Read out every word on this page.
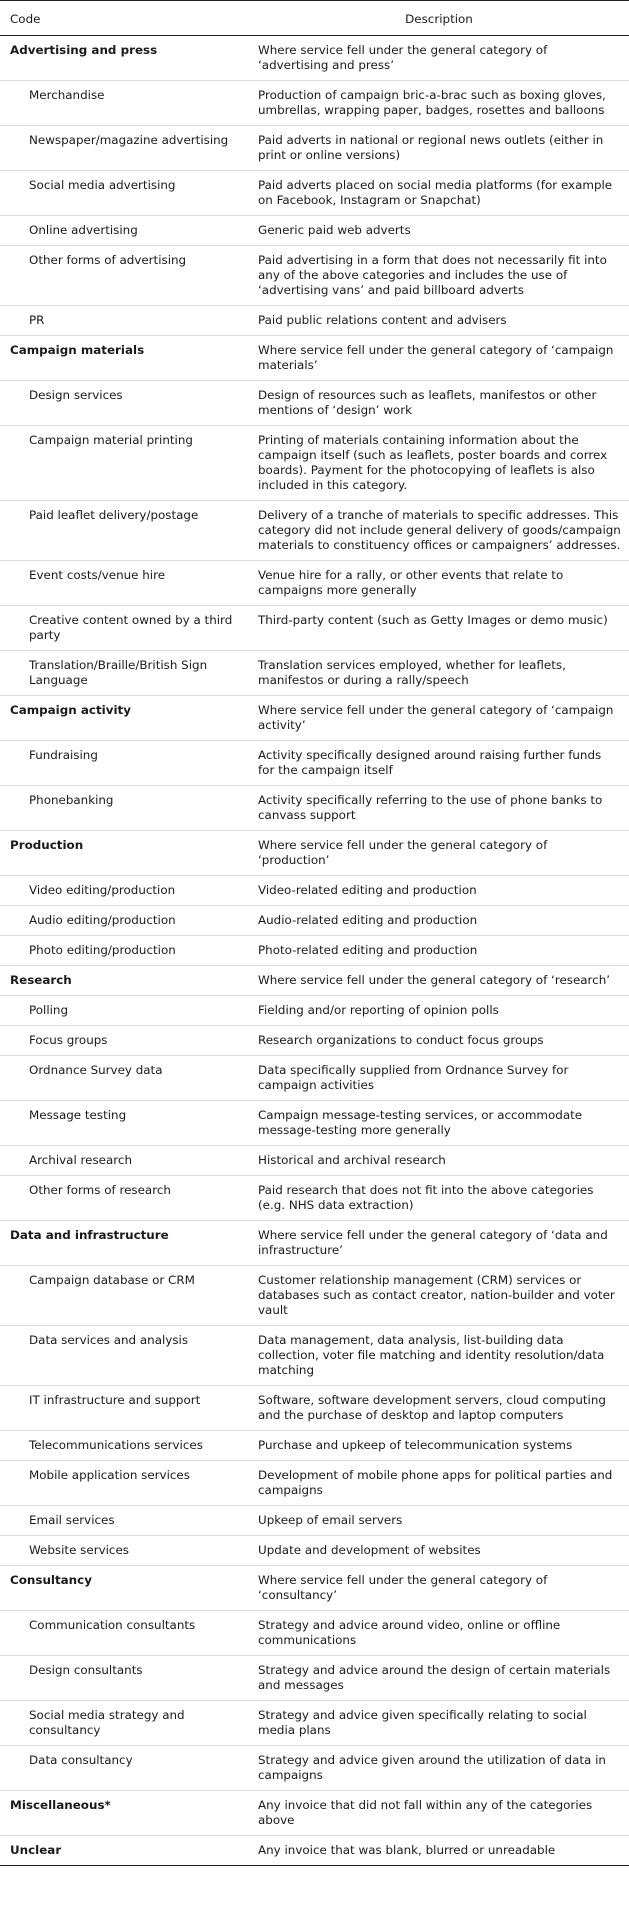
Code	Description
Advertising and press	Where service fell under the general category of ‘advertising and press’
Merchandise	Production of campaign bric-a-brac such as boxing gloves, umbrellas, wrapping paper, badges, rosettes and balloons
Newspaper/magazine advertising	Paid adverts in national or regional news outlets (either in print or online versions)
Social media advertising	Paid adverts placed on social media platforms (for example on Facebook, Instagram or Snapchat)
Online advertising	Generic paid web adverts
Other forms of advertising	Paid advertising in a form that does not necessarily fit into any of the above categories and includes the use of ‘advertising vans’ and paid billboard adverts
PR	Paid public relations content and advisers
Campaign materials	Where service fell under the general category of ‘campaign materials’
Design services	Design of resources such as leaflets, manifestos or other mentions of ‘design’ work
Campaign material printing	Printing of materials containing information about the campaign itself (such as leaflets, poster boards and correx boards). Payment for the photocopying of leaflets is also included in this category.
Paid leaflet delivery/postage	Delivery of a tranche of materials to specific addresses. This category did not include general delivery of goods/campaign materials to constituency offices or campaigners’ addresses.
Event costs/venue hire	Venue hire for a rally, or other events that relate to campaigns more generally
Creative content owned by a third party	Third-party content (such as Getty Images or demo music)
Translation/Braille/British Sign Language	Translation services employed, whether for leaflets, manifestos or during a rally/speech
Campaign activity	Where service fell under the general category of ‘campaign activity’
Fundraising	Activity specifically designed around raising further funds for the campaign itself
Phonebanking	Activity specifically referring to the use of phone banks to canvass support
Production	Where service fell under the general category of ‘production’
Video editing/production	Video-related editing and production
Audio editing/production	Audio-related editing and production
Photo editing/production	Photo-related editing and production
Research	Where service fell under the general category of ‘research’
Polling	Fielding and/or reporting of opinion polls
Focus groups	Research organizations to conduct focus groups
Ordnance Survey data	Data specifically supplied from Ordnance Survey for campaign activities
Message testing	Campaign message-testing services, or accommodate message-testing more generally
Archival research	Historical and archival research
Other forms of research	Paid research that does not fit into the above categories (e.g. NHS data extraction)
Data and infrastructure	Where service fell under the general category of ‘data and infrastructure’
Campaign database or CRM	Customer relationship management (CRM) services or databases such as contact creator, nation-builder and voter vault
Data services and analysis	Data management, data analysis, list-building data collection, voter file matching and identity resolution/data matching
IT infrastructure and support	Software, software development servers, cloud computing and the purchase of desktop and laptop computers
Telecommunications services	Purchase and upkeep of telecommunication systems
Mobile application services	Development of mobile phone apps for political parties and campaigns
Email services	Upkeep of email servers
Website services	Update and development of websites
Consultancy	Where service fell under the general category of ‘consultancy’
Communication consultants	Strategy and advice around video, online or offline communications
Design consultants	Strategy and advice around the design of certain materials and messages
Social media strategy and consultancy	Strategy and advice given specifically relating to social media plans
Data consultancy	Strategy and advice given around the utilization of data in campaigns
Miscellaneous*	Any invoice that did not fall within any of the categories above
Unclear	Any invoice that was blank, blurred or unreadable
